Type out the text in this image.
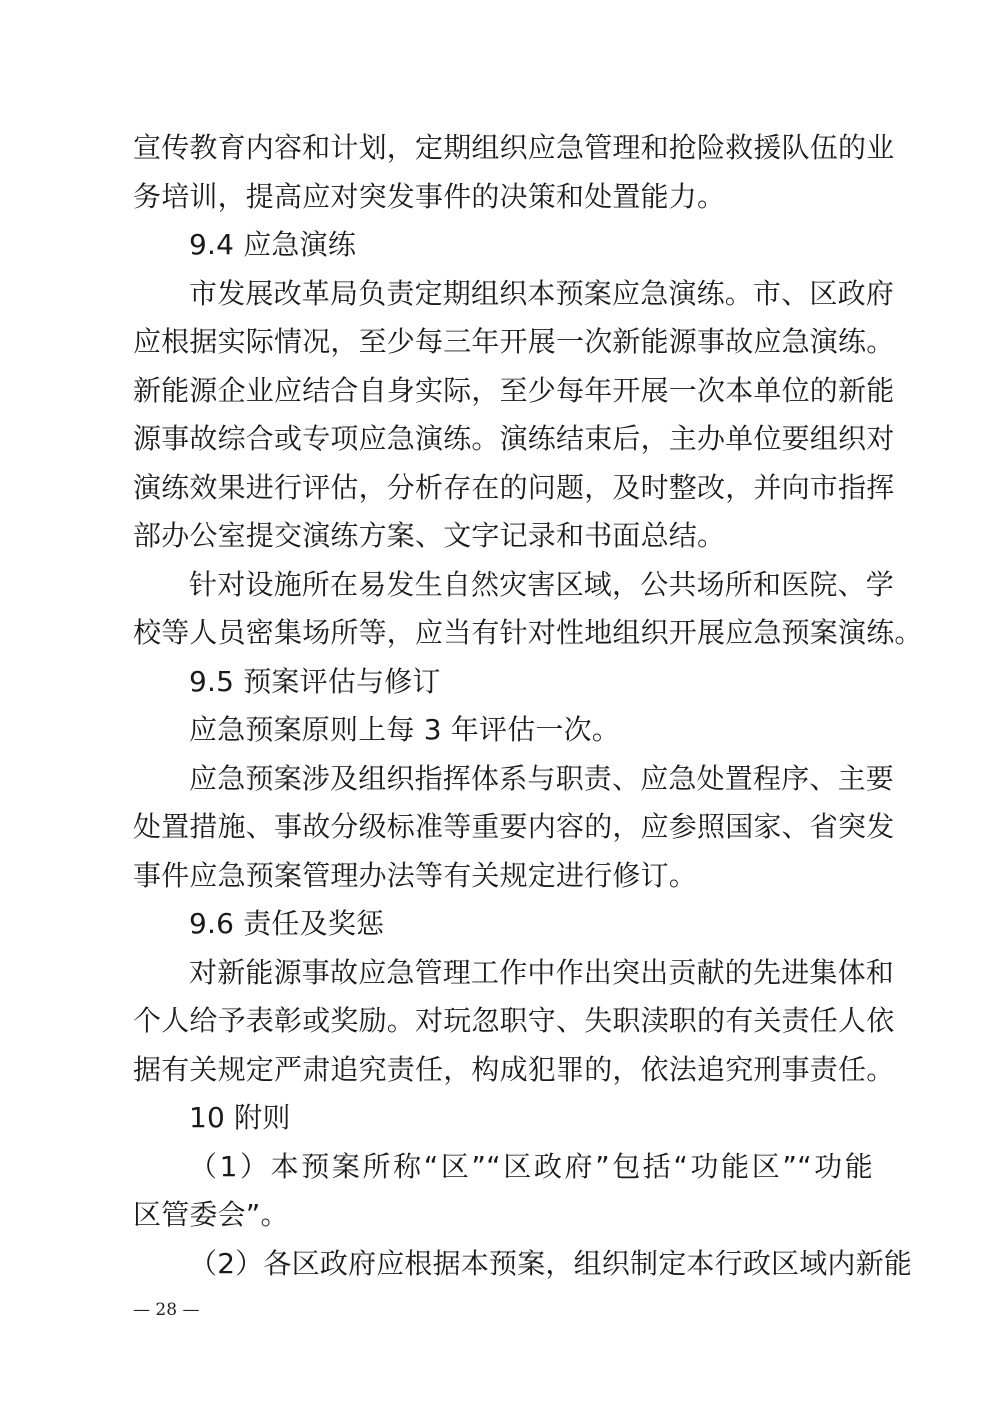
宣传教育内容和计划，定期组织应急管理和抢险救援队伍的业
务培训，提高应对突发事件的决策和处置能力。
9.4 应急演练
市发展改革局负责定期组织本预案应急演练。市、区政府
应根据实际情况，至少每三年开展一次新能源事故应急演练。
新能源企业应结合自身实际，至少每年开展一次本单位的新能
源事故综合或专项应急演练。演练结束后，主办单位要组织对
演练效果进行评估，分析存在的问题，及时整改，并向市指挥
部办公室提交演练方案、文字记录和书面总结。
针对设施所在易发生自然灾害区域，公共场所和医院、学
校等人员密集场所等，应当有针对性地组织开展应急预案演练。
9.5 预案评估与修订
应急预案原则上每 3 年评估一次。
应急预案涉及组织指挥体系与职责、应急处置程序、主要
处置措施、事故分级标准等重要内容的，应参照国家、省突发
事件应急预案管理办法等有关规定进行修订。
9.6 责任及奖惩
对新能源事故应急管理工作中作出突出贡献的先进集体和
个人给予表彰或奖励。对玩忽职守、失职渎职的有关责任人依
据有关规定严肃追究责任，构成犯罪的，依法追究刑事责任。
10 附则
（1）本预案所称“区”“区政府”包括“功能区”“功能
区管委会”。
（2）各区政府应根据本预案，组织制定本行政区域内新能
— 28 —
